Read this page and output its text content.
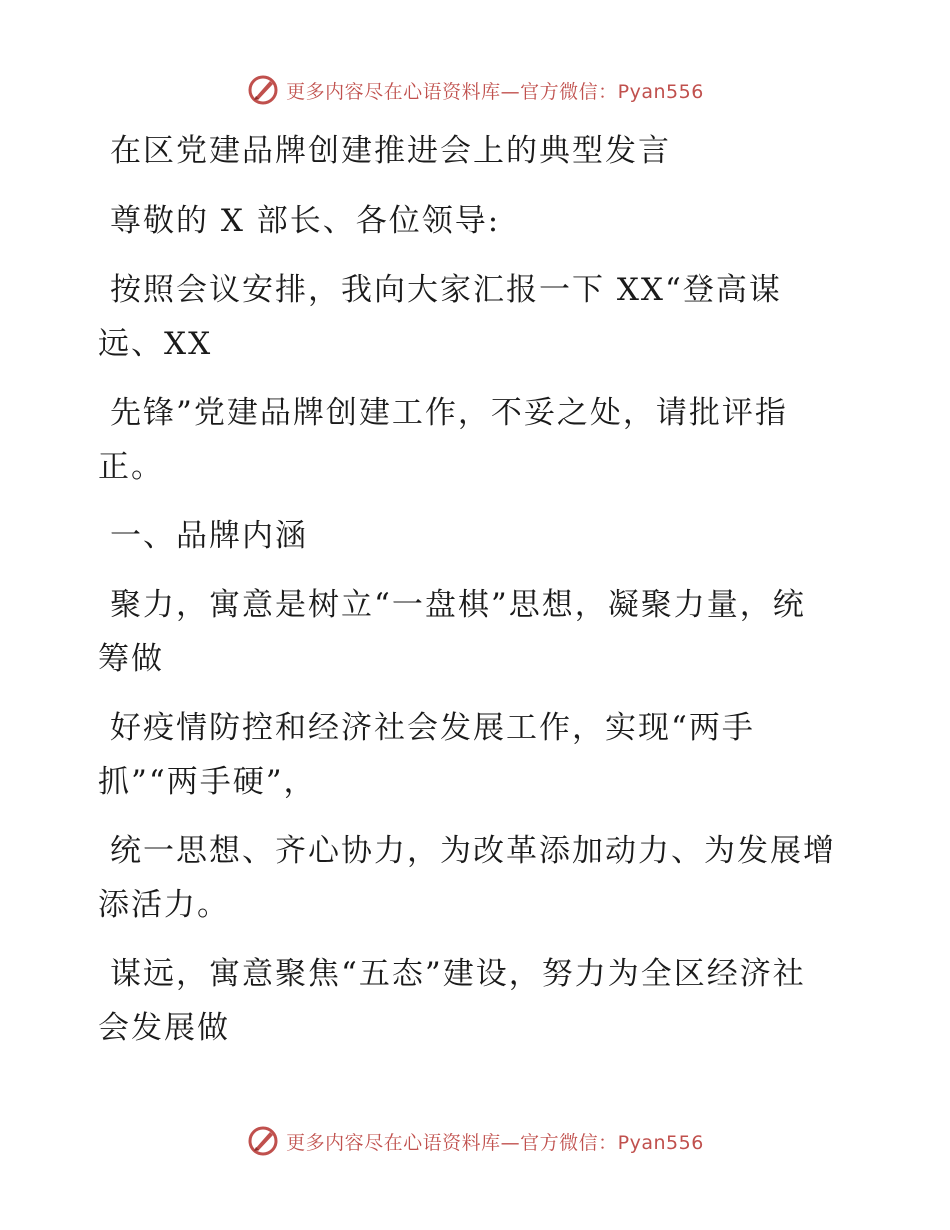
更多内容尽在心语资料库—官方微信：Pyan556

在区党建品牌创建推进会上的典型发言

尊敬的 X 部长、各位领导:

按照会议安排，我向大家汇报一下 XX“登高谋远、XX

先锋”党建品牌创建工作，不妥之处，请批评指正。

一、品牌内涵

聚力，寓意是树立“一盘棋”思想，凝聚力量，统筹做

好疫情防控和经济社会发展工作，实现“两手抓”“两手硬”，

统一思想、齐心协力，为改革添加动力、为发展增添活力。

谋远，寓意聚焦“五态”建设，努力为全区经济社会发展做

更多内容尽在心语资料库—官方微信：Pyan556
